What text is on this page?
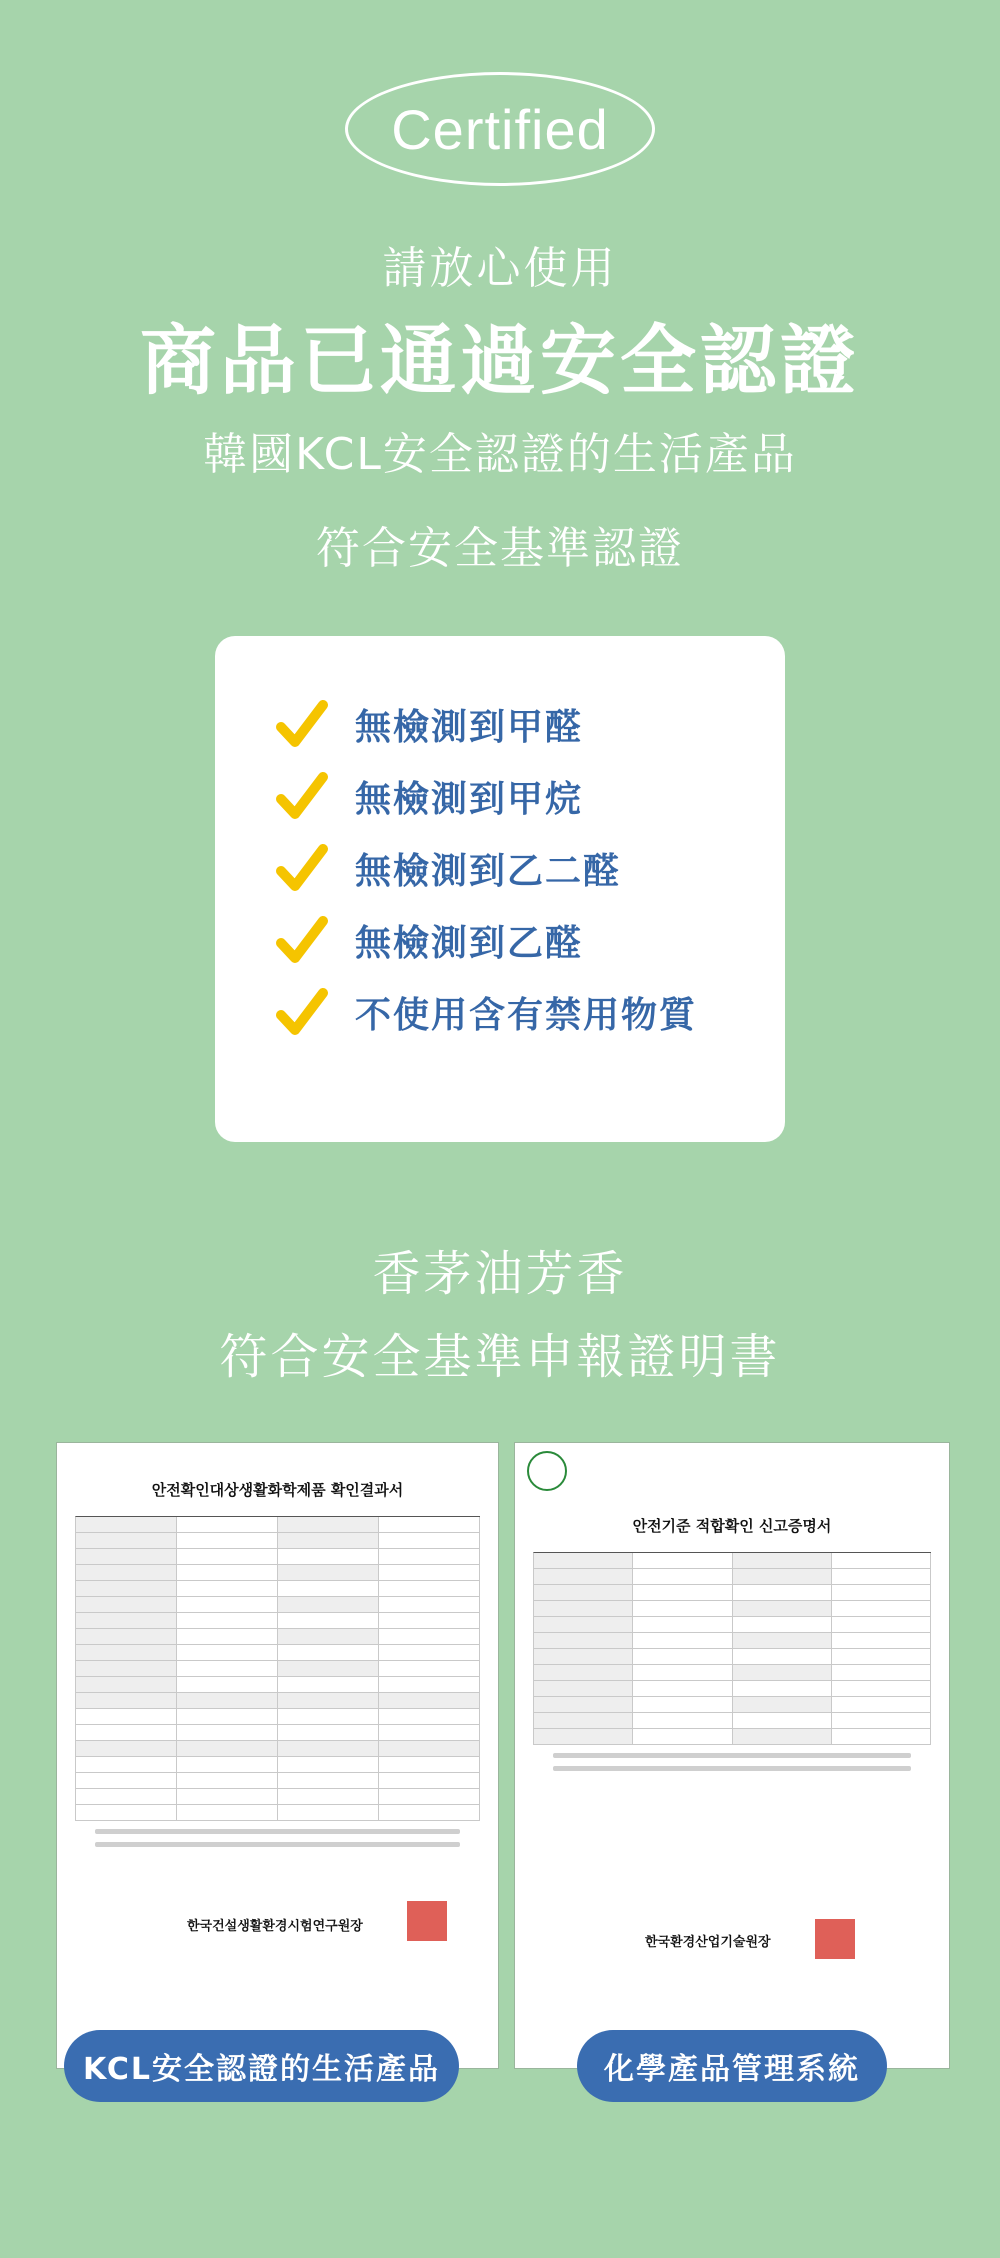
Certified
請放心使用
商品已通過安全認證
韓國KCL安全認證的生活產品
符合安全基準認證
無檢測到甲醛
無檢測到甲烷
無檢測到乙二醛
無檢測到乙醛
不使用含有禁用物質
香茅油芳香
符合安全基準申報證明書
안전확인대상생활화학제품 확인결과서
한국건설생활환경시험연구원장
안전기준 적합확인 신고증명서
한국환경산업기술원장
KCL安全認證的生活產品	化學產品管理系統
